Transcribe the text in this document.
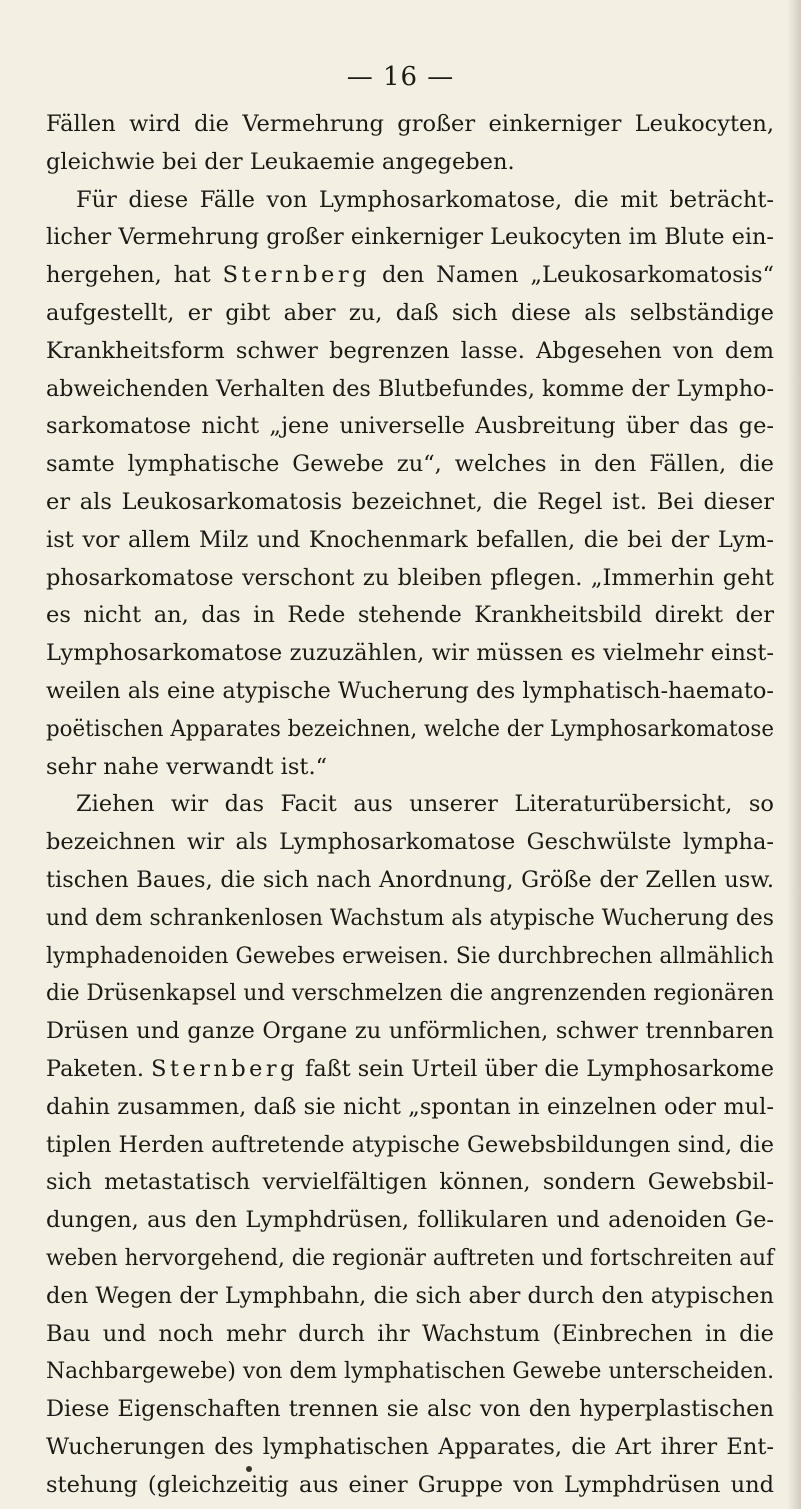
— 16 —
Fällen wird die Vermehrung großer einkerniger Leukocyten,
gleichwie bei der Leukaemie angegeben.
Für diese Fälle von Lymphosarkomatose, die mit beträcht-
licher Vermehrung großer einkerniger Leukocyten im Blute ein-
hergehen, hat Sternberg den Namen „Leukosarkomatosis“
aufgestellt, er gibt aber zu, daß sich diese als selbständige
Krankheitsform schwer begrenzen lasse. Abgesehen von dem
abweichenden Verhalten des Blutbefundes, komme der Lympho-
sarkomatose nicht „jene universelle Ausbreitung über das ge-
samte lymphatische Gewebe zu“, welches in den Fällen, die
er als Leukosarkomatosis bezeichnet, die Regel ist. Bei dieser
ist vor allem Milz und Knochenmark befallen, die bei der Lym-
phosarkomatose verschont zu bleiben pflegen. „Immerhin geht
es nicht an, das in Rede stehende Krankheitsbild direkt der
Lymphosarkomatose zuzuzählen, wir müssen es vielmehr einst-
weilen als eine atypische Wucherung des lymphatisch-haemato-
poëtischen Apparates bezeichnen, welche der Lymphosarkomatose
sehr nahe verwandt ist.“
Ziehen wir das Facit aus unserer Literaturübersicht, so
bezeichnen wir als Lymphosarkomatose Geschwülste lympha-
tischen Baues, die sich nach Anordnung, Größe der Zellen usw.
und dem schrankenlosen Wachstum als atypische Wucherung des
lymphadenoiden Gewebes erweisen. Sie durchbrechen allmählich
die Drüsenkapsel und verschmelzen die angrenzenden regionären
Drüsen und ganze Organe zu unförmlichen, schwer trennbaren
Paketen. Sternberg faßt sein Urteil über die Lymphosarkome
dahin zusammen, daß sie nicht „spontan in einzelnen oder mul-
tiplen Herden auftretende atypische Gewebsbildungen sind, die
sich metastatisch vervielfältigen können, sondern Gewebsbil-
dungen, aus den Lymphdrüsen, follikularen und adenoiden Ge-
weben hervorgehend, die regionär auftreten und fortschreiten auf
den Wegen der Lymphbahn, die sich aber durch den atypischen
Bau und noch mehr durch ihr Wachstum (Einbrechen in die
Nachbargewebe) von dem lymphatischen Gewebe unterscheiden.
Diese Eigenschaften trennen sie alsc von den hyperplastischen
Wucherungen des lymphatischen Apparates, die Art ihrer Ent-
stehung (gleichzeitig aus einer Gruppe von Lymphdrüsen und
